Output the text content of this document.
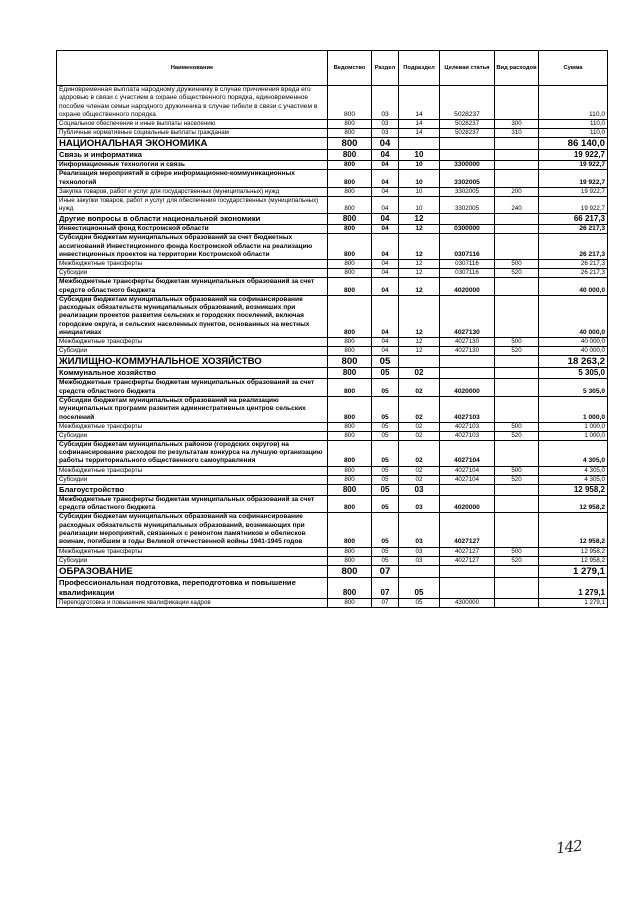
Наименование	Ведомство	Раздел	Подраздел	Целевая статья	Вид расходов	Сумма
Единовременная выплата народному дружиннику в случае причинения вреда его здоровью в связи с участием в охране общественного порядка, единовременное пособие членам семьи народного дружинника в случае гибели в связи с участием в охране общественного порядка	800	03	14	5028237		110,0
Социальное обеспечение и иные выплаты населению	800	03	14	5028237	300	110,0
Публичные нормативные социальные выплаты гражданам	800	03	14	5028237	310	110,0
НАЦИОНАЛЬНАЯ ЭКОНОМИКА	800	04				86 140,0
Связь и информатика	800	04	10			19 922,7
Информационные технологии и связь	800	04	10	3300000		19 922,7
Реализация мероприятий в сфере информационно-коммуникационных технологий	800	04	10	3302005		19 922,7
Закупка товаров, работ и услуг для государственных (муниципальных) нужд	800	04	10	3302005	200	19 922,7
Иные закупки товаров, работ и услуг для обеспечения государственных (муниципальных) нужд	800	04	10	3302005	240	19 922,7
Другие вопросы в области национальной экономики	800	04	12			66 217,3
Инвестиционный фонд Костромской области	800	04	12	0300000		26 217,3
Субсидии бюджетам муниципальных образований за счет бюджетных ассигнований Инвестиционного фонда Костромской области на реализацию инвестиционных проектов на территории Костромской области	800	04	12	0307116		26 217,3
Межбюджетные трансферты	800	04	12	0307116	500	26 217,3
Субсидии	800	04	12	0307116	520	26 217,3
Межбюджетные трансферты бюджетам муниципальных образований за счет средств областного бюджета	800	04	12	4020000		40 000,0
Субсидии бюджетам муниципальных образований на софинансирование расходных обязательств муниципальных образований, возникших при реализации проектов развития сельских и городских поселений, включая городские округа, и сельских населенных пунктов, основанных на местных инициативах	800	04	12	4027130		40 000,0
Межбюджетные трансферты	800	04	12	4027130	500	40 000,0
Субсидии	800	04	12	4027130	520	40 000,0
ЖИЛИЩНО-КОММУНАЛЬНОЕ ХОЗЯЙСТВО	800	05				18 263,2
Коммунальное хозяйство	800	05	02			5 305,0
Межбюджетные трансферты бюджетам муниципальных образований за счет средств областного бюджета	800	05	02	4020000		5 305,0
Субсидии бюджетам муниципальных образований на реализацию муниципальных программ развития административных центров сельских поселений	800	05	02	4027103		1 000,0
Межбюджетные трансферты	800	05	02	4027103	500	1 000,0
Субсидии	800	05	02	4027103	520	1 000,0
Субсидии бюджетам муниципальных районов (городских округов) на софинансирование расходов по результатам конкурса на лучшую организацию работы территориального общественного самоуправления	800	05	02	4027104		4 305,0
Межбюджетные трансферты	800	05	02	4027104	500	4 305,0
Субсидии	800	05	02	4027104	520	4 305,0
Благоустройство	800	05	03			12 958,2
Межбюджетные трансферты бюджетам муниципальных образований за счет средств областного бюджета	800	05	03	4020000		12 958,2
Субсидии бюджетам муниципальных образований на софинансирование расходных обязательств муниципальных образований, возникающих при реализации мероприятий, связанных с ремонтом памятников и обелисков воинам, погибшим в годы Великой отечественной войны 1941-1945 годов	800	05	03	4027127		12 958,2
Межбюджетные трансферты	800	05	03	4027127	500	12 958,2
Субсидии	800	05	03	4027127	520	12 958,2
ОБРАЗОВАНИЕ	800	07				1 279,1
Профессиональная подготовка, переподготовка и повышение квалификации	800	07	05			1 279,1
Переподготовка и повышение квалификации кадров	800	07	05	4300000		1 279,1
142
